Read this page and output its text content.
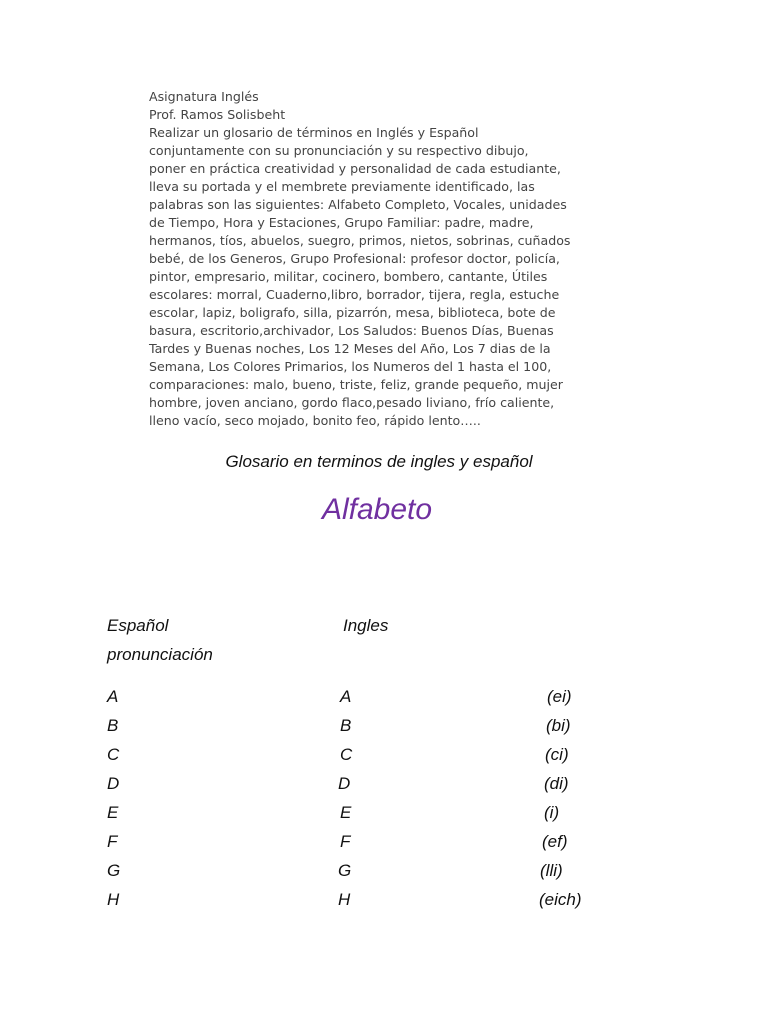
Asignatura Inglés
Prof. Ramos Solisbeht
Realizar un glosario de términos en Inglés y Español
conjuntamente con su pronunciación y su respectivo dibujo,
poner en práctica creatividad y personalidad de cada estudiante,
lleva su portada y el membrete previamente identificado, las
palabras son las siguientes: Alfabeto Completo, Vocales, unidades
de Tiempo, Hora y Estaciones, Grupo Familiar: padre, madre,
hermanos, tíos, abuelos, suegro, primos, nietos, sobrinas, cuñados
bebé, de los Generos, Grupo Profesional: profesor doctor, policía,
pintor, empresario, militar, cocinero, bombero, cantante, Útiles
escolares: morral, Cuaderno,libro, borrador, tijera, regla, estuche
escolar, lapiz, boligrafo, silla, pizarrón, mesa, biblioteca, bote de
basura, escritorio,archivador, Los Saludos: Buenos Días, Buenas
Tardes y Buenas noches, Los 12 Meses del Año, Los 7 dias de la
Semana, Los Colores Primarios, los Numeros del 1 hasta el 100,
comparaciones: malo, bueno, triste, feliz, grande pequeño, mujer
hombre, joven anciano, gordo flaco,pesado liviano, frío caliente,
lleno vacío, seco mojado, bonito feo, rápido lento…..
Glosario en terminos de ingles y español
Alfabeto
Español	Ingles
pronunciación
A	A	(ei)
B	B	(bi)
C	C	(ci)
D	D	(di)
E	E	(i)
F	F	(ef)
G	G	(lli)
H	H	(eich)
